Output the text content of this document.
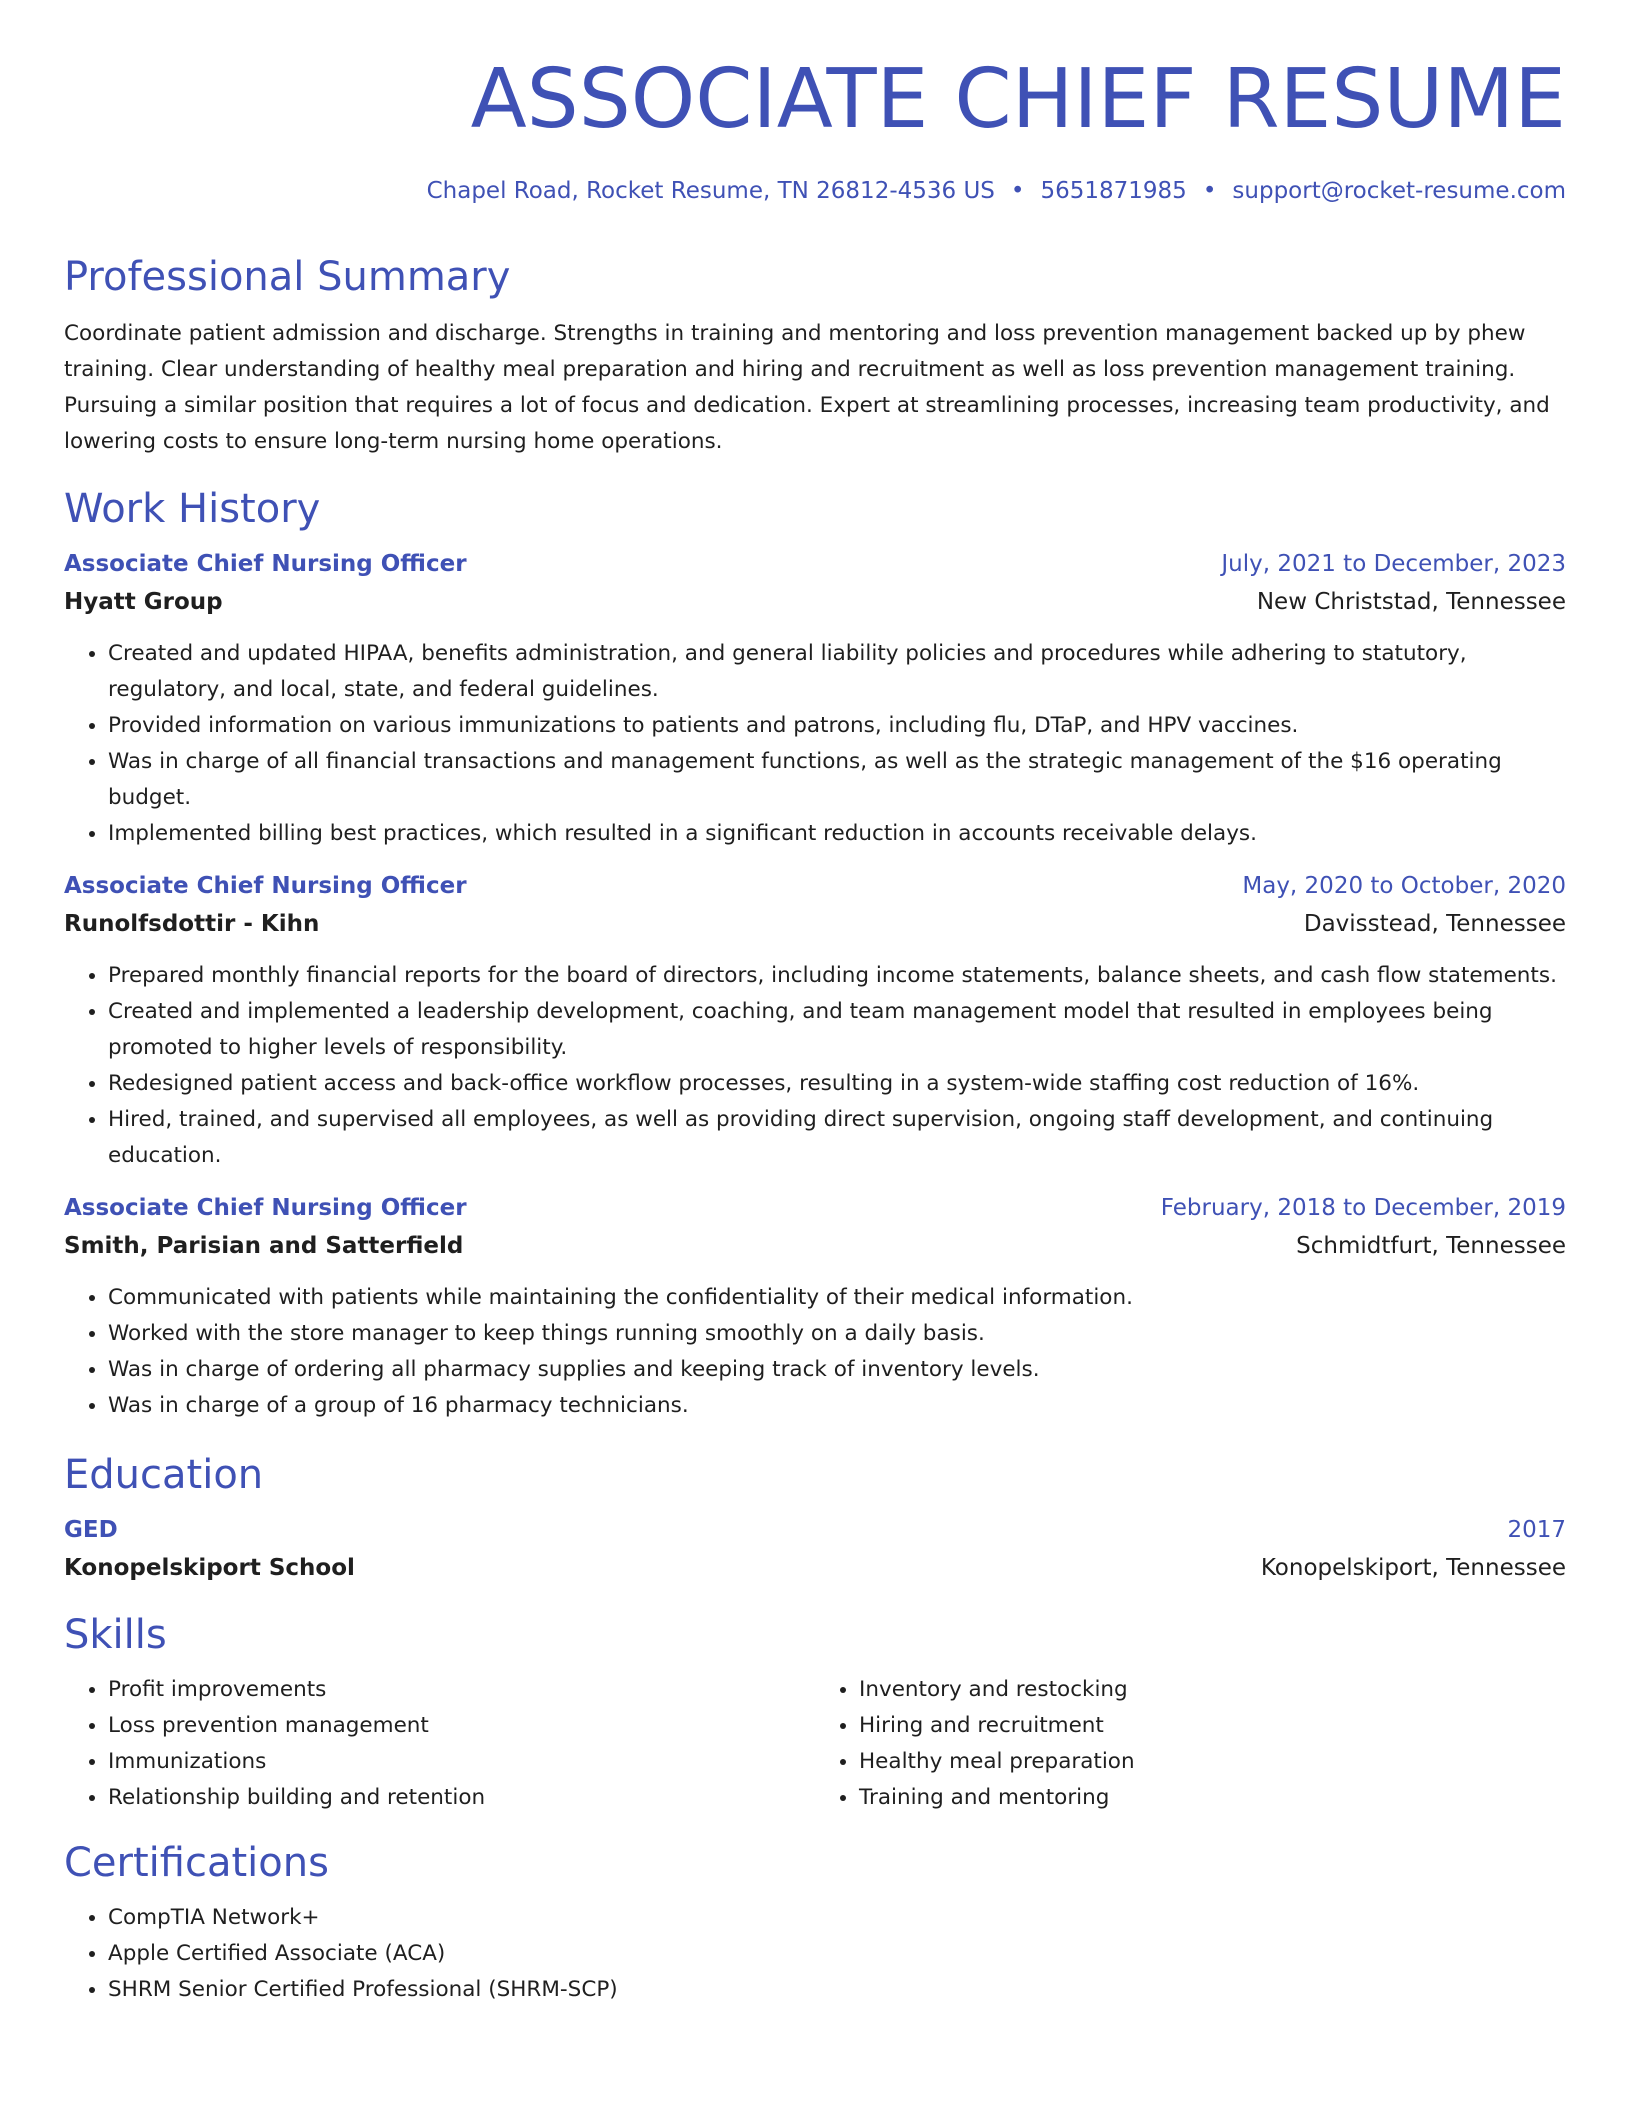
ASSOCIATE CHIEF RESUME
Chapel Road, Rocket Resume, TN 26812-4536 US • 5651871985 • support@rocket-resume.com
Professional Summary
Coordinate patient admission and discharge. Strengths in training and mentoring and loss prevention management backed up by phew training. Clear understanding of healthy meal preparation and hiring and recruitment as well as loss prevention management training. Pursuing a similar position that requires a lot of focus and dedication. Expert at streamlining processes, increasing team productivity, and lowering costs to ensure long-term nursing home operations.
Work History
Associate Chief Nursing Officer	July, 2021 to December, 2023
Hyatt Group	New Christstad, Tennessee
• Created and updated HIPAA, benefits administration, and general liability policies and procedures while adhering to statutory, regulatory, and local, state, and federal guidelines.
• Provided information on various immunizations to patients and patrons, including flu, DTaP, and HPV vaccines.
• Was in charge of all financial transactions and management functions, as well as the strategic management of the $16 operating budget.
• Implemented billing best practices, which resulted in a significant reduction in accounts receivable delays.
Associate Chief Nursing Officer	May, 2020 to October, 2020
Runolfsdottir - Kihn	Davisstead, Tennessee
• Prepared monthly financial reports for the board of directors, including income statements, balance sheets, and cash flow statements.
• Created and implemented a leadership development, coaching, and team management model that resulted in employees being promoted to higher levels of responsibility.
• Redesigned patient access and back-office workflow processes, resulting in a system-wide staffing cost reduction of 16%.
• Hired, trained, and supervised all employees, as well as providing direct supervision, ongoing staff development, and continuing education.
Associate Chief Nursing Officer	February, 2018 to December, 2019
Smith, Parisian and Satterfield	Schmidtfurt, Tennessee
• Communicated with patients while maintaining the confidentiality of their medical information.
• Worked with the store manager to keep things running smoothly on a daily basis.
• Was in charge of ordering all pharmacy supplies and keeping track of inventory levels.
• Was in charge of a group of 16 pharmacy technicians.
Education
GED	2017
Konopelskiport School	Konopelskiport, Tennessee
Skills
• Profit improvements
• Loss prevention management
• Immunizations
• Relationship building and retention
• Inventory and restocking
• Hiring and recruitment
• Healthy meal preparation
• Training and mentoring
Certifications
• CompTIA Network+
• Apple Certified Associate (ACA)
• SHRM Senior Certified Professional (SHRM-SCP)
